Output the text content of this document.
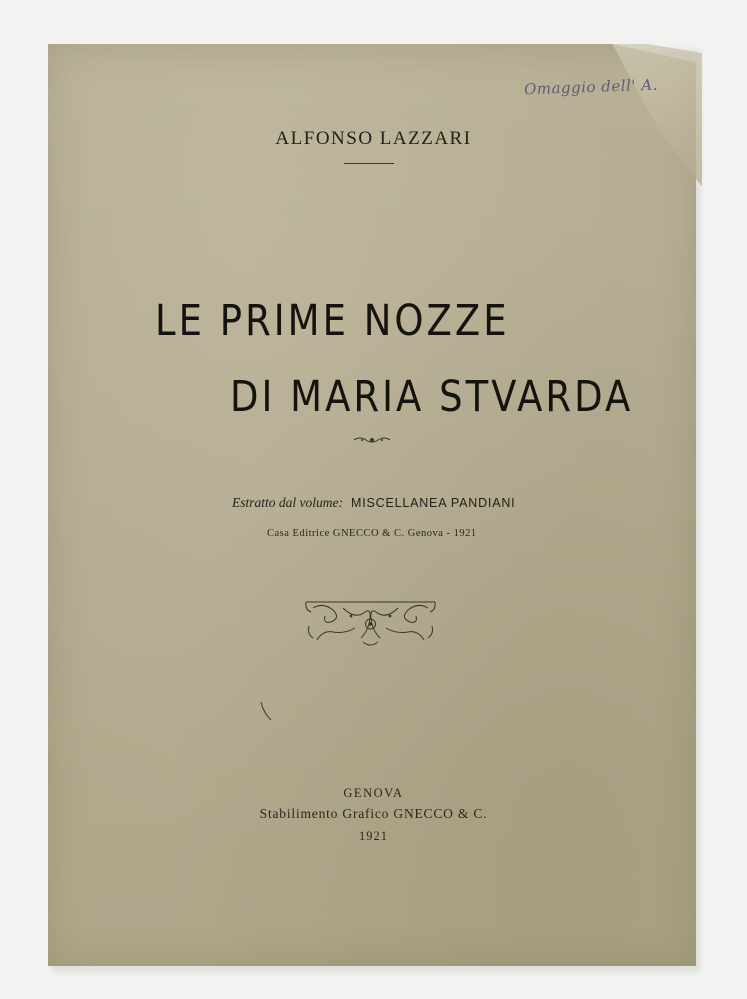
Omaggio dell' A.
ALFONSO LAZZARI
LE PRIME NOZZE
DI MARIA STVARDA
Estratto dal volume: MISCELLANEA PANDIANI
Casa Editrice GNECCO & C. Genova - 1921
GENOVA
Stabilimento Grafico GNECCO & C.
1921
